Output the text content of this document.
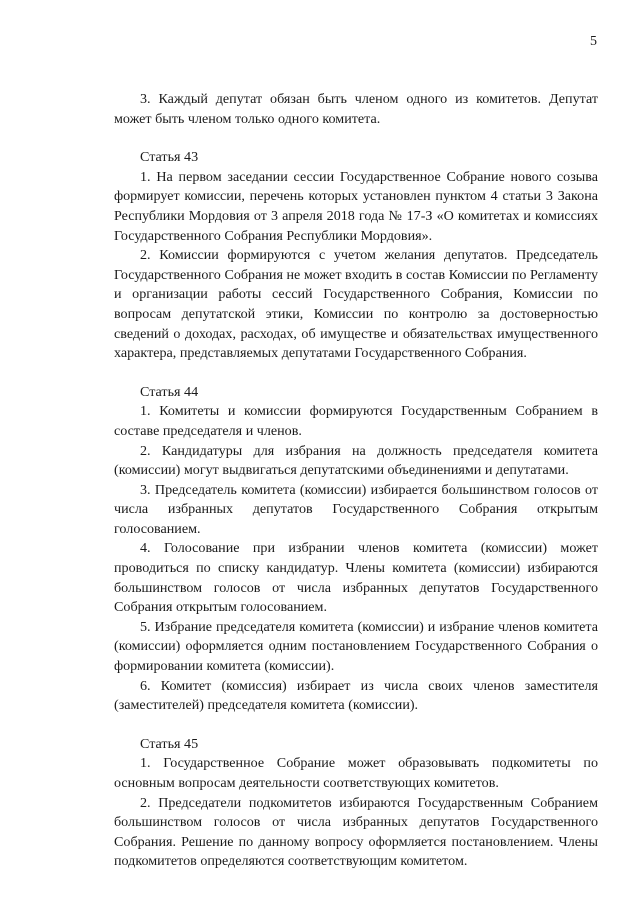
5

3. Каждый депутат обязан быть членом одного из комитетов. Депутат может быть членом только одного комитета.

Статья 43

1. На первом заседании сессии Государственное Собрание нового созыва формирует комиссии, перечень которых установлен пунктом 4 статьи 3 Закона Республики Мордовия от 3 апреля 2018 года № 17-З «О комитетах и комиссиях Государственного Собрания Республики Мордовия».

2. Комиссии формируются с учетом желания депутатов. Председатель Государственного Собрания не может входить в состав Комиссии по Регламенту и организации работы сессий Государственного Собрания, Комиссии по вопросам депутатской этики, Комиссии по контролю за достоверностью сведений о доходах, расходах, об имуществе и обязательствах имущественного характера, представляемых депутатами Государственного Собрания.

Статья 44

1. Комитеты и комиссии формируются Государственным Собранием в составе председателя и членов.

2. Кандидатуры для избрания на должность председателя комитета (комиссии) могут выдвигаться депутатскими объединениями и депутатами.

3. Председатель комитета (комиссии) избирается большинством голосов от числа избранных депутатов Государственного Собрания открытым голосованием.

4. Голосование при избрании членов комитета (комиссии) может проводиться по списку кандидатур. Члены комитета (комиссии) избираются большинством голосов от числа избранных депутатов Государственного Собрания открытым голосованием.

5. Избрание председателя комитета (комиссии) и избрание членов комитета (комиссии) оформляется одним постановлением Государственного Собрания о формировании комитета (комиссии).

6. Комитет (комиссия) избирает из числа своих членов заместителя (заместителей) председателя комитета (комиссии).

Статья 45

1. Государственное Собрание может образовывать подкомитеты по основным вопросам деятельности соответствующих комитетов.

2. Председатели подкомитетов избираются Государственным Собранием большинством голосов от числа избранных депутатов Государственного Собрания. Решение по данному вопросу оформляется постановлением. Члены подкомитетов определяются соответствующим комитетом.
